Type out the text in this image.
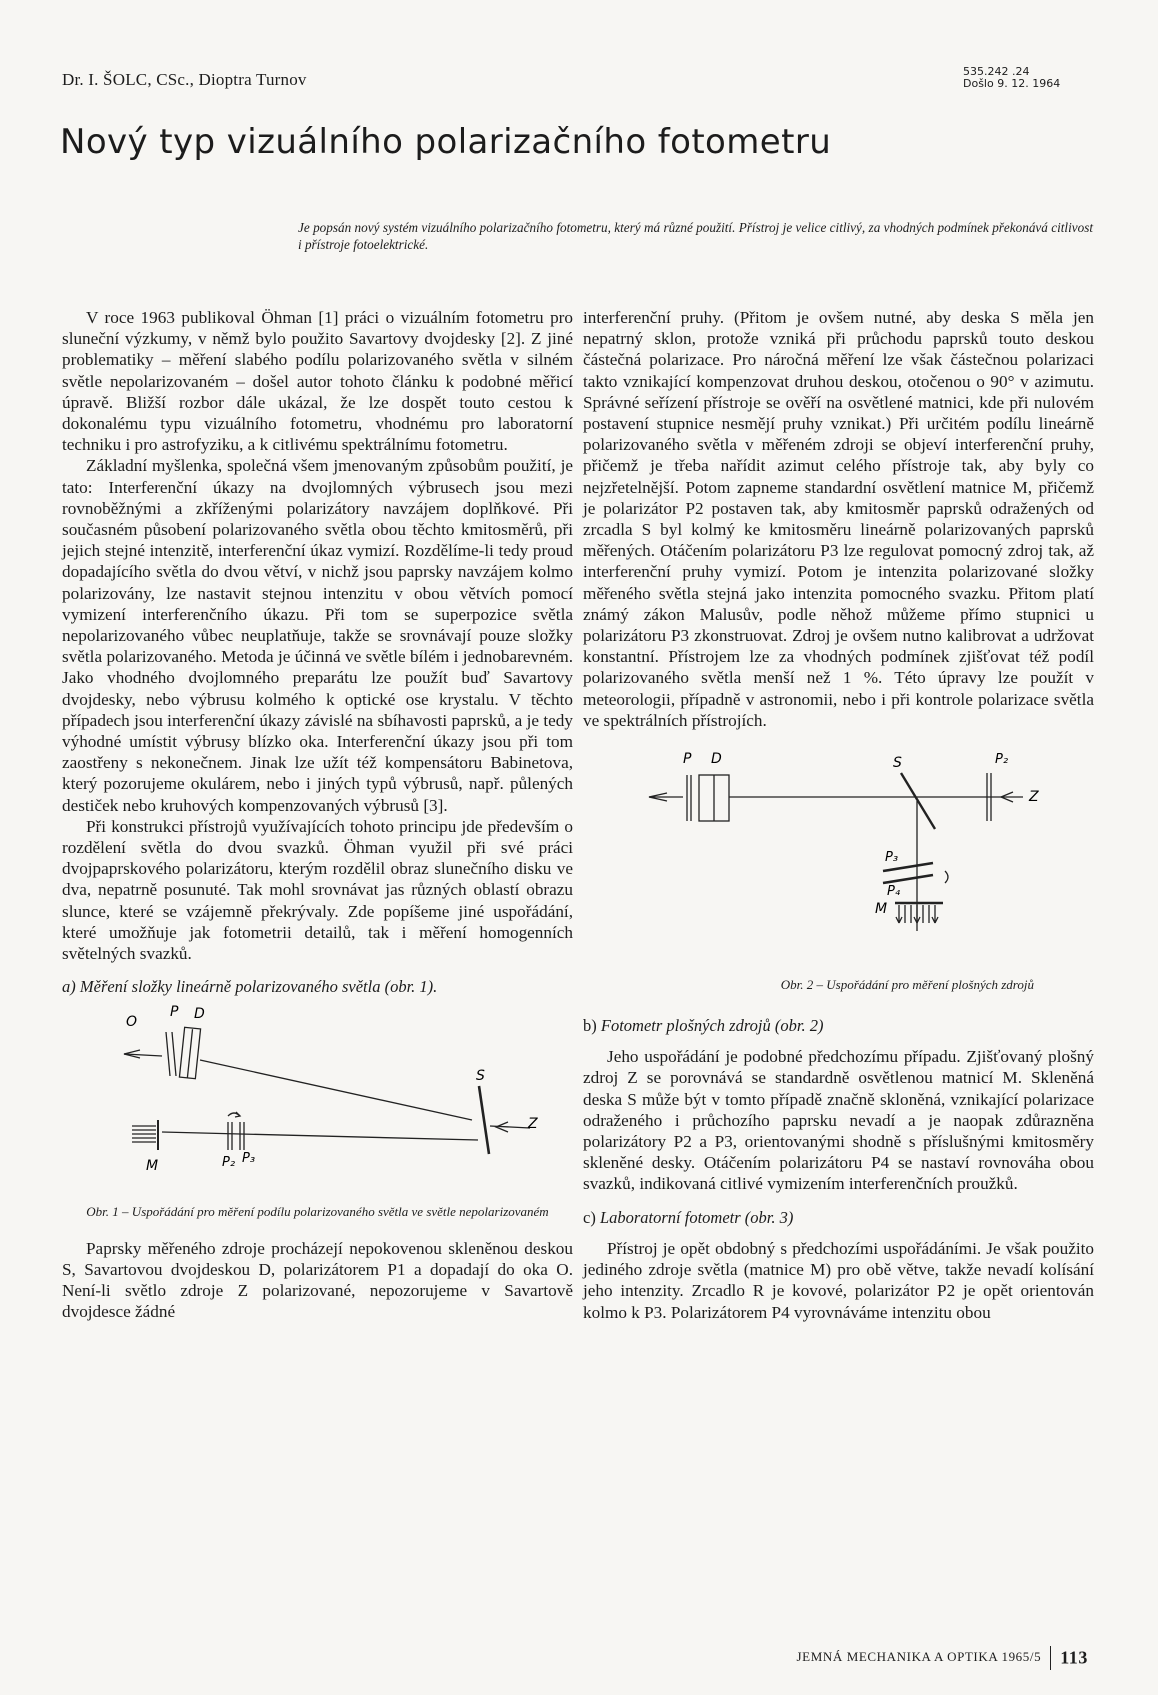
Dr. I. ŠOLC, CSc., Dioptra Turnov	535.242 .24
Došlo 9. 12. 1964
Nový typ vizuálního polarizačního fotometru
Je popsán nový systém vizuálního polarizačního fotometru, který má různé použití. Přístroj je velice citlivý, za vhodných podmínek překonává citlivost i přístroje fotoelektrické.

V roce 1963 publikoval Öhman [1] práci o vizuálním fotometru pro sluneční výzkumy, v němž bylo použito Savartovy dvojdesky [2]. Z jiné problematiky – měření slabého podílu polarizovaného světla v silném světle nepolarizovaném – došel autor tohoto článku k podobné měřicí úpravě. Bližší rozbor dále ukázal, že lze dospět touto cestou k dokonalému typu vizuálního fotometru, vhodnému pro laboratorní techniku i pro astrofyziku, a k citlivému spektrálnímu fotometru.

Základní myšlenka, společná všem jmenovaným způsobům použití, je tato: Interferenční úkazy na dvojlomných výbrusech jsou mezi rovnoběžnými a zkříženými polarizátory navzájem doplňkové. Při současném působení polarizovaného světla obou těchto kmitosměrů, při jejich stejné intenzitě, interferenční úkaz vymizí. Rozdělíme-li tedy proud dopadajícího světla do dvou větví, v nichž jsou paprsky navzájem kolmo polarizovány, lze nastavit stejnou intenzitu v obou větvích pomocí vymizení interferenčního úkazu. Při tom se superpozice světla nepolarizovaného vůbec neuplatňuje, takže se srovnávají pouze složky světla polarizovaného. Metoda je účinná ve světle bílém i jednobarevném. Jako vhodného dvojlomného preparátu lze použít buď Savartovy dvojdesky, nebo výbrusu kolmého k optické ose krystalu. V těchto případech jsou interferenční úkazy závislé na sbíhavosti paprsků, a je tedy výhodné umístit výbrusy blízko oka. Interferenční úkazy jsou při tom zaostřeny s nekonečnem. Jinak lze užít též kompensátoru Babinetova, který pozorujeme okulárem, nebo i jiných typů výbrusů, např. půlených destiček nebo kruhových kompenzovaných výbrusů [3].

Při konstrukci přístrojů využívajících tohoto principu jde především o rozdělení světla do dvou svazků. Öhman využil při své práci dvojpaprskového polarizátoru, kterým rozdělil obraz slunečního disku ve dva, nepatrně posunuté. Tak mohl srovnávat jas různých oblastí obrazu slunce, které se vzájemně překrývaly. Zde popíšeme jiné uspořádání, které umožňuje jak fotometrii detailů, tak i měření homogenních světelných svazků.

a) Měření složky lineárně polarizovaného světla (obr. 1).

O
P D
S
Z
M	P₂ P₃
Obr. 1 – Uspořádání pro měření podílu polarizovaného světla ve světle nepolarizovaném

Paprsky měřeného zdroje procházejí nepokovenou skleněnou deskou S, Savartovou dvojdeskou D, polarizátorem P1 a dopadají do oka O. Není-li světlo zdroje Z polarizované, nepozorujeme v Savartově dvojdesce žádné

interferenční pruhy. (Přitom je ovšem nutné, aby deska S měla jen nepatrný sklon, protože vzniká při průchodu paprsků touto deskou částečná polarizace. Pro náročná měření lze však částečnou polarizaci takto vznikající kompenzovat druhou deskou, otočenou o 90° v azimutu. Správné seřízení přístroje se ověří na osvětlené matnici, kde při nulovém postavení stupnice nesmějí pruhy vznikat.) Při určitém podílu lineárně polarizovaného světla v měřeném zdroji se objeví interferenční pruhy, přičemž je třeba nařídit azimut celého přístroje tak, aby byly co nejzřetelnější. Potom zapneme standardní osvětlení matnice M, přičemž je polarizátor P2 postaven tak, aby kmitosměr paprsků odražených od zrcadla S byl kolmý ke kmitosměru lineárně polarizovaných paprsků měřených. Otáčením polarizátoru P3 lze regulovat pomocný zdroj tak, až interferenční pruhy vymizí. Potom je intenzita polarizované složky měřeného světla stejná jako intenzita pomocného svazku. Přitom platí známý zákon Malusův, podle něhož můžeme přímo stupnici u polarizátoru P3 zkonstruovat. Zdroj je ovšem nutno kalibrovat a udržovat konstantní. Přístrojem lze za vhodných podmínek zjišťovat též podíl polarizovaného světla menší než 1 %. Této úpravy lze použít v meteorologii, případně v astronomii, nebo i při kontrole polarizace světla ve spektrálních přístrojích.

P D	S	P₂
Z
P₃
P₄
M
Obr. 2 – Uspořádání pro měření plošných zdrojů

b) Fotometr plošných zdrojů (obr. 2)

Jeho uspořádání je podobné předchozímu případu. Zjišťovaný plošný zdroj Z se porovnává se standardně osvětlenou matnicí M. Skleněná deska S může být v tomto případě značně skloněná, vznikající polarizace odraženého i průchozího paprsku nevadí a je naopak zdůrazněna polarizátory P2 a P3, orientovanými shodně s příslušnými kmitosměry skleněné desky. Otáčením polarizátoru P4 se nastaví rovnováha obou svazků, indikovaná citlivé vymizením interferenčních proužků.

c) Laboratorní fotometr (obr. 3)

Přístroj je opět obdobný s předchozími uspořádáními. Je však použito jediného zdroje světla (matnice M) pro obě větve, takže nevadí kolísání jeho intenzity. Zrcadlo R je kovové, polarizátor P2 je opět orientován kolmo k P3. Polarizátorem P4 vyrovnáváme intenzitu obou

JEMNÁ MECHANIKA A OPTIKA 1965/5 113
